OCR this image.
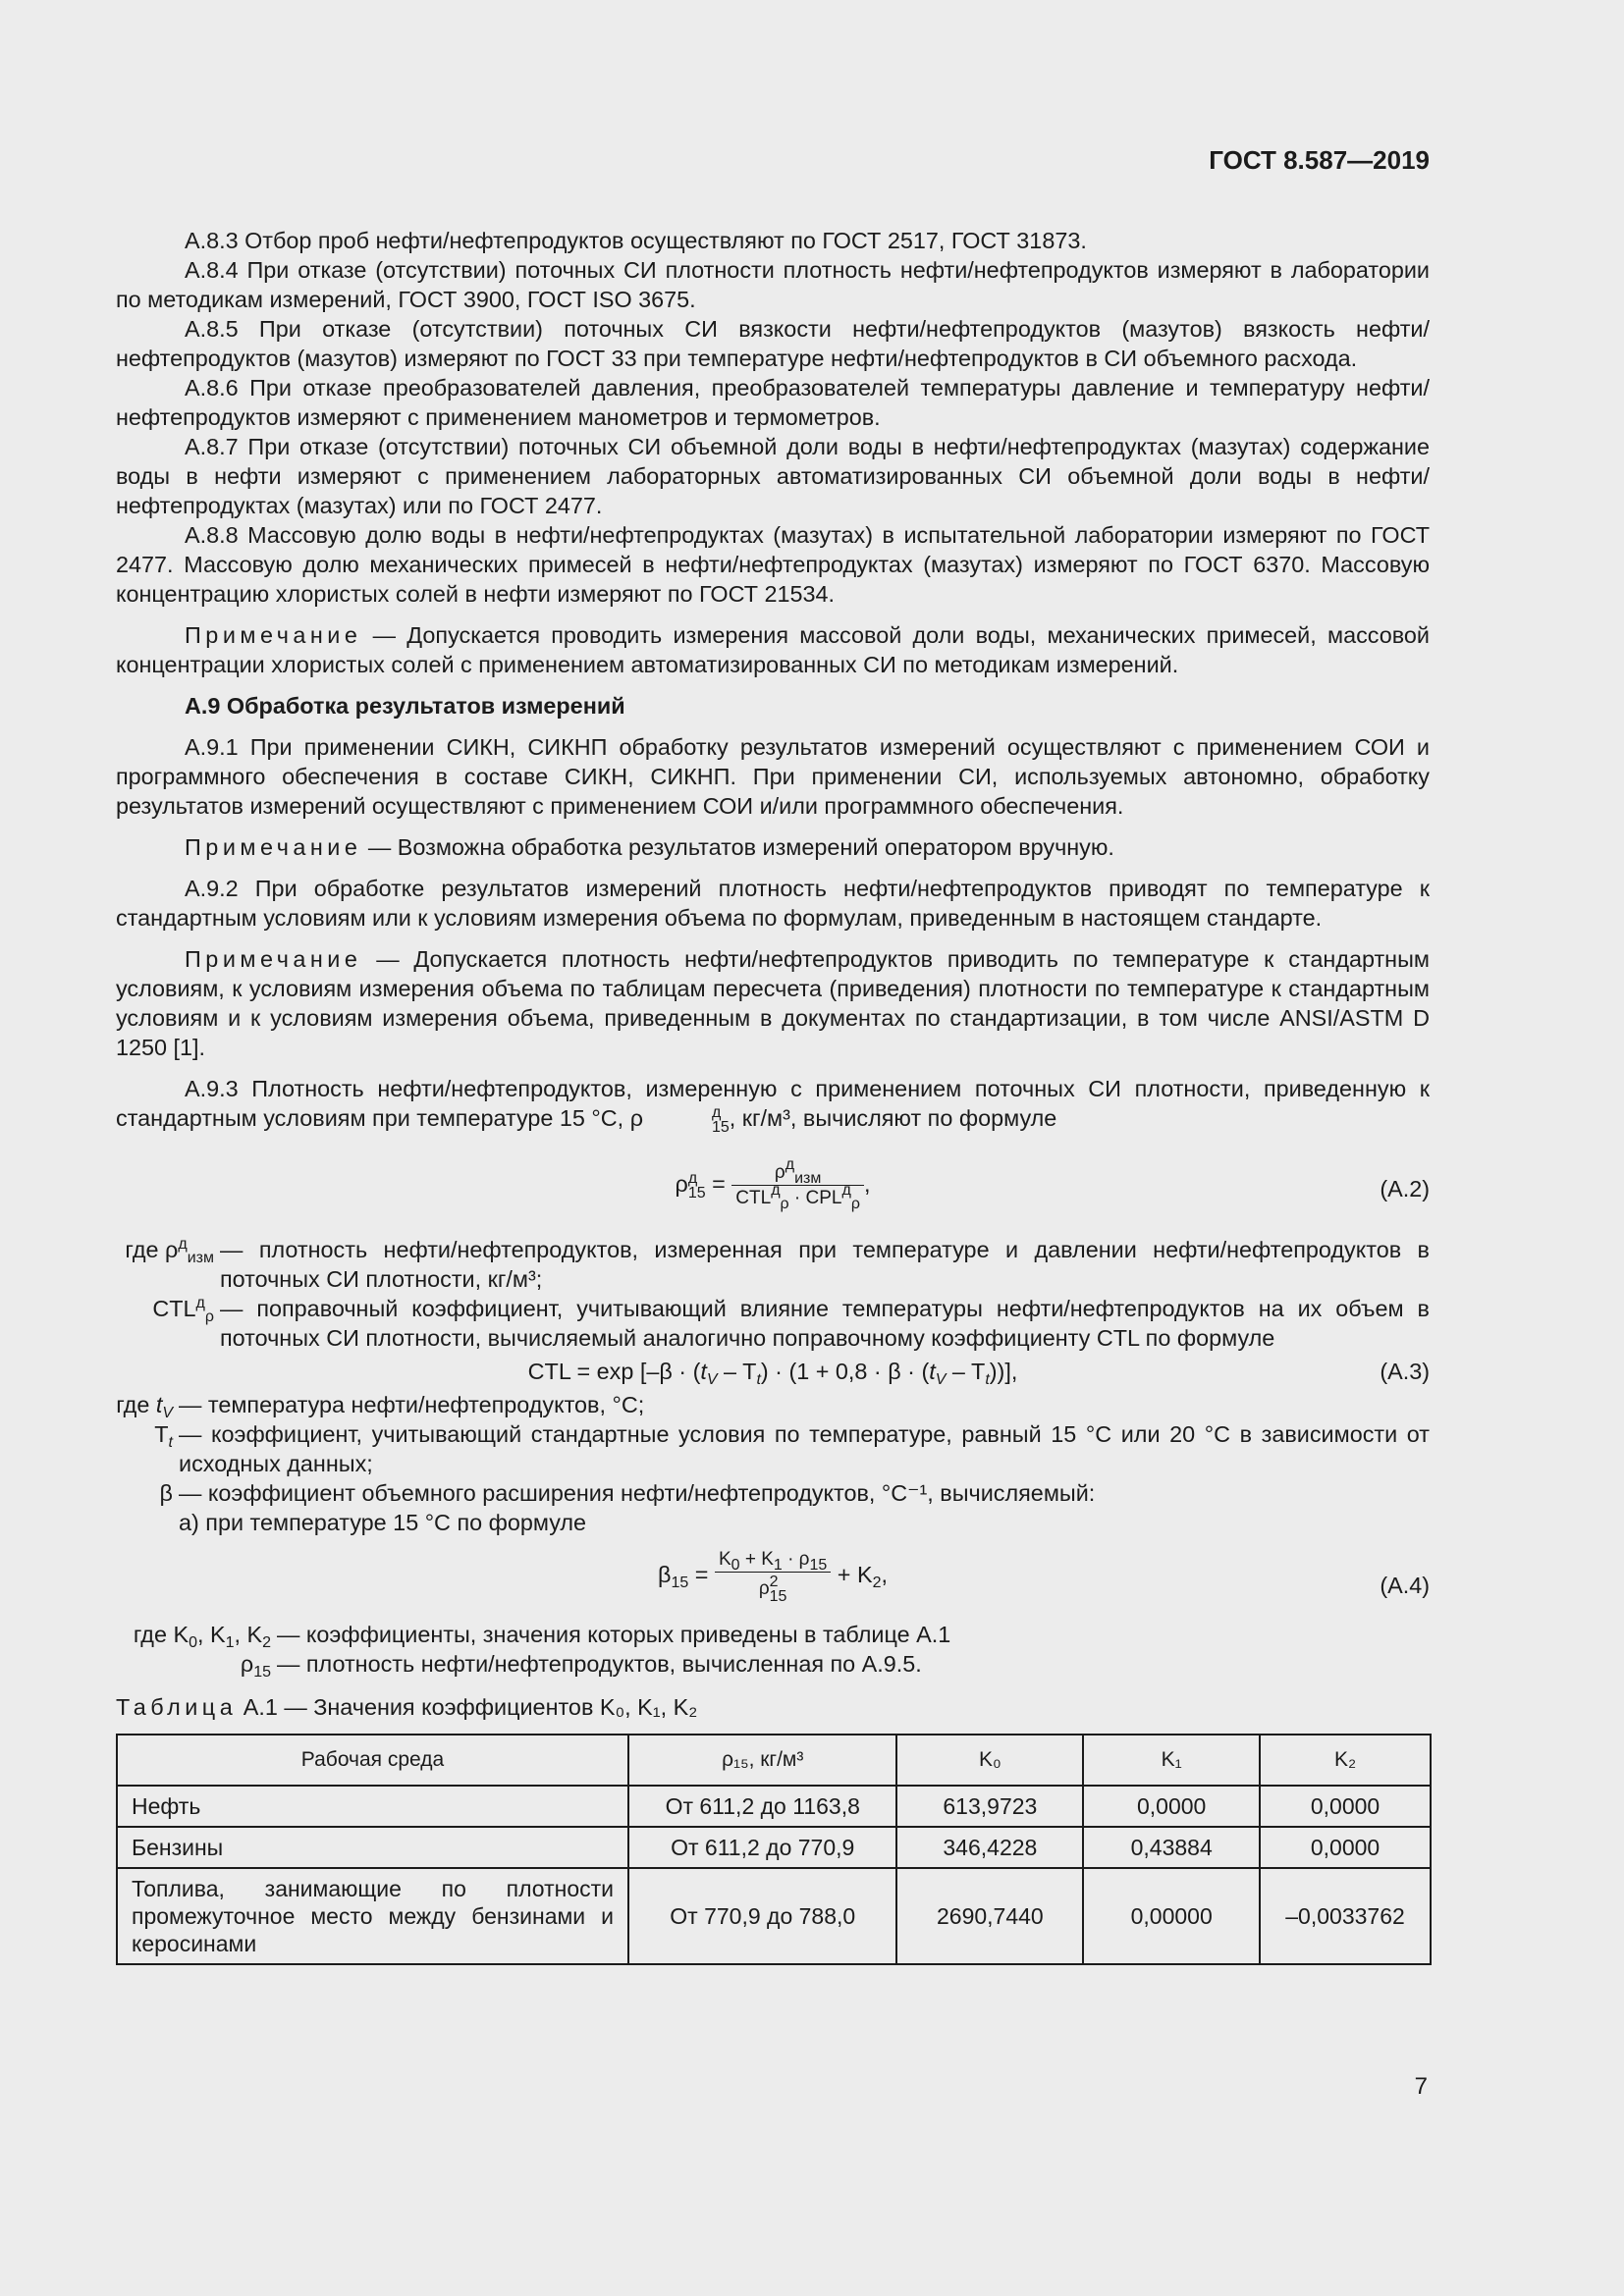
ГОСТ 8.587—2019

А.8.3 Отбор проб нефти/нефтепродуктов осуществляют по ГОСТ 2517, ГОСТ 31873.

А.8.4 При отказе (отсутствии) поточных СИ плотности плотность нефти/нефтепродуктов измеряют в лаборатории по методикам измерений, ГОСТ 3900, ГОСТ ISO 3675.

А.8.5 При отказе (отсутствии) поточных СИ вязкости нефти/нефтепродуктов (мазутов) вязкость нефти/нефтепродуктов (мазутов) измеряют по ГОСТ 33 при температуре нефти/нефтепродуктов в СИ объемного расхода.

А.8.6 При отказе преобразователей давления, преобразователей температуры давление и температуру нефти/нефтепродуктов измеряют с применением манометров и термометров.

А.8.7 При отказе (отсутствии) поточных СИ объемной доли воды в нефти/нефтепродуктах (мазутах) содержание воды в нефти измеряют с применением лабораторных автоматизированных СИ объемной доли воды в нефти/нефтепродуктах (мазутах) или по ГОСТ 2477.

А.8.8 Массовую долю воды в нефти/нефтепродуктах (мазутах) в испытательной лаборатории измеряют по ГОСТ 2477. Массовую долю механических примесей в нефти/нефтепродуктах (мазутах) измеряют по ГОСТ 6370. Массовую концентрацию хлористых солей в нефти измеряют по ГОСТ 21534.

Примечание — Допускается проводить измерения массовой доли воды, механических примесей, массовой концентрации хлористых солей с применением автоматизированных СИ по методикам измерений.

А.9 Обработка результатов измерений

А.9.1 При применении СИКН, СИКНП обработку результатов измерений осуществляют с применением СОИ и программного обеспечения в составе СИКН, СИКНП. При применении СИ, используемых автономно, обработку результатов измерений осуществляют с применением СОИ и/или программного обеспечения.

Примечание — Возможна обработка результатов измерений оператором вручную.

А.9.2 При обработке результатов измерений плотность нефти/нефтепродуктов приводят по температуре к стандартным условиям или к условиям измерения объема по формулам, приведенным в настоящем стандарте.

Примечание — Допускается плотность нефти/нефтепродуктов приводить по температуре к стандартным условиям, к условиям измерения объема по таблицам пересчета (приведения) плотности по температуре к стандартным условиям и к условиям измерения объема, приведенным в документах по стандартизации, в том числе ANSI/ASTM D 1250 [1].

А.9.3 Плотность нефти/нефтепродуктов, измеренную с применением поточных СИ плотности, приведенную к стандартным условиям при температуре 15 °С, ρ	д
15 , кг/м³, вычисляют по формуле

ρ д
$15 = \frac{\rho^д_{изм}}{CTL^д_\rho \cdot CPL^д_\rho}$ ,	(А.2)
где $\rho^д_{изм}$ — плотность нефти/нефтепродуктов, измеренная при температуре и давлении нефти/нефтепродуктов в поточных СИ плотности, кг/м³;
$CTL^д_\rho$ — поправочный коэффициент, учитывающий влияние температуры нефти/нефтепродуктов на их объем в поточных СИ плотности, вычисляемый аналогично поправочному коэффициенту CTL по формуле
CTL = $\exp [-\beta \cdot (t_V - T_t) \cdot (1 + 0,8 \cdot \beta \cdot (t_V - T_t))]$,	(А.3)
где $t_V$ — температура нефти/нефтепродуктов, °С;
$T_t$ — коэффициент, учитывающий стандартные условия по температуре, равный 15 °С или 20 °С в зависимости от исходных данных;
β — коэффициент объемного расширения нефти/нефтепродуктов, °С⁻¹, вычисляемый:
а) при температуре 15 °С по формуле
$\beta_{15} = K_0 + K_1 \cdot \rho_{15}$
ρ 2
$15 + K_2$,	(А.4)
где $K_0$, $K_1$, $K_2$ — коэффициенты, значения которых приведены в таблице А.1
$\rho_{15}$ — плотность нефти/нефтепродуктов, вычисленная по А.9.5.
Таблица А.1 — Значения коэффициентов K₀, K₁, K₂
Рабочая среда	ρ₁₅, кг/м³	K₀	K₁	K₂
Нефть	От 611,2 до 1163,8	613,9723	0,0000	0,0000
Бензины	От 611,2 до 770,9	346,4228	0,43884	0,0000
Топлива, занимающие по плотности промежуточное место между бензинами и керосинами	От 770,9 до 788,0	2690,7440	0,00000	–0,0033762
7
